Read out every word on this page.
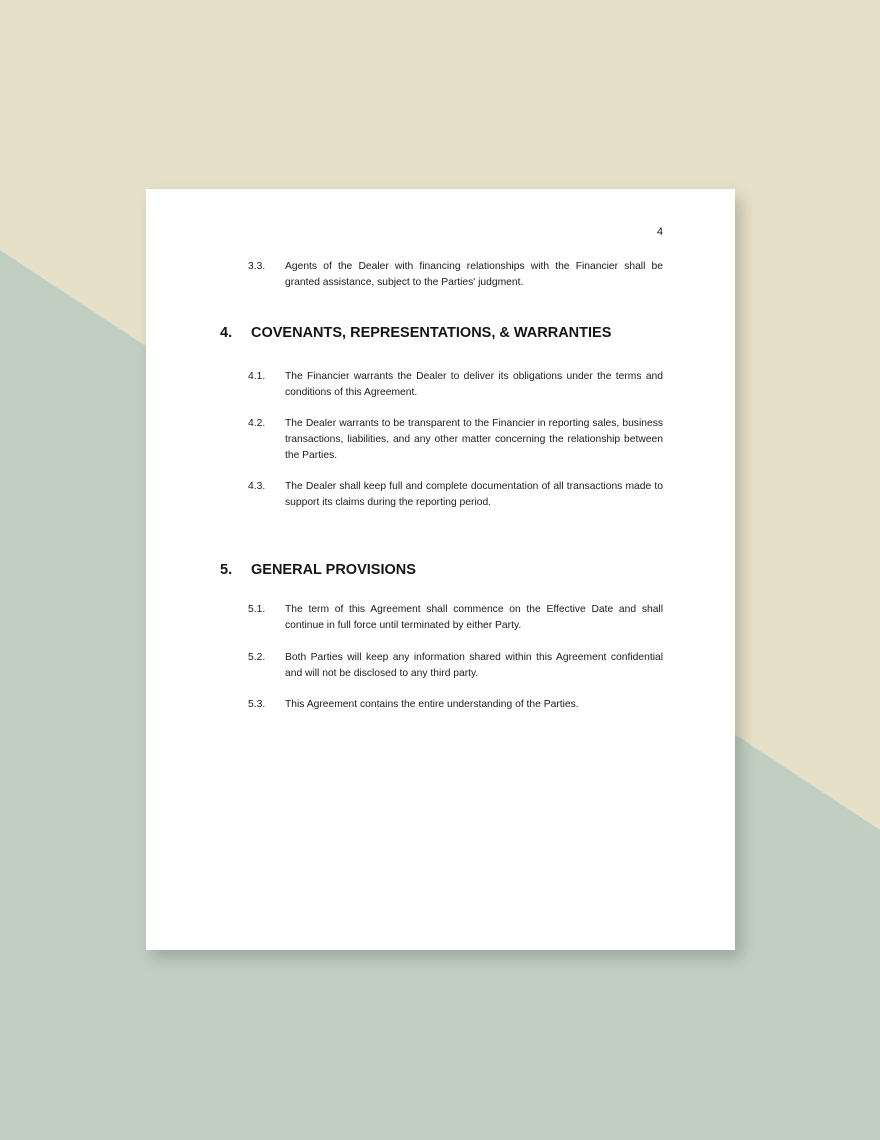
4
3.3.	Agents of the Dealer with financing relationships with the Financier shall be granted assistance, subject to the Parties' judgment.
4.	COVENANTS, REPRESENTATIONS, & WARRANTIES
4.1.	The Financier warrants the Dealer to deliver its obligations under the terms and conditions of this Agreement.
4.2.	The Dealer warrants to be transparent to the Financier in reporting sales, business transactions, liabilities, and any other matter concerning the relationship between the Parties.
4.3.	The Dealer shall keep full and complete documentation of all transactions made to support its claims during the reporting period.
5.	GENERAL PROVISIONS
5.1.	The term of this Agreement shall commence on the Effective Date and shall continue in full force until terminated by either Party.
5.2.	Both Parties will keep any information shared within this Agreement confidential and will not be disclosed to any third party.
5.3.	This Agreement contains the entire understanding of the Parties.
